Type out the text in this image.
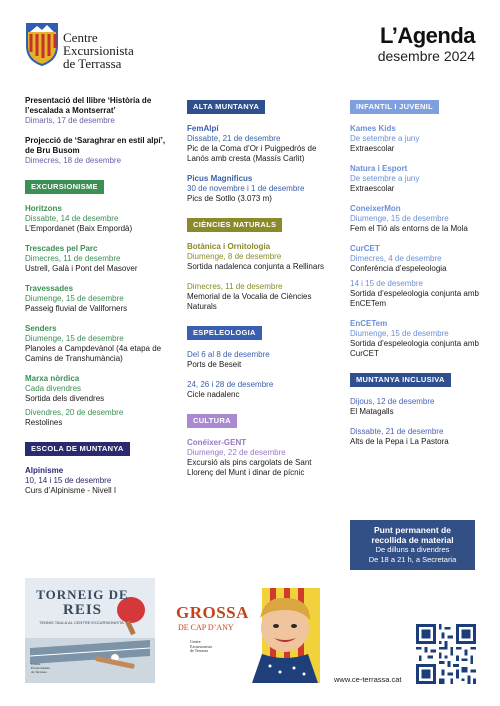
Centre
Excursionista
de Terrassa
L’Agenda
desembre 2024
Presentació del llibre ‘Història de l’escalada a Montserrat’
Dimarts, 17 de desembre
Projecció de ‘Saraghrar en estil alpí’, de Bru Busom
Dimecres, 18 de desembre
EXCURSIONISME
Horitzons
Dissabte, 14 de desembre
L’Empordanet (Baix Empordà)
Trescades pel Parc
Dimecres, 11 de desembre
Ustrell, Galà i Pont del Masover
Travessades
Diumenge, 15 de desembre
Passeig fluvial de Vallforners
Senders
Diumenge, 15 de desembre
Planoles a Campdevànol (4a etapa de Camins de Transhumància)
Marxa nòrdica
Cada divendres
Sortida dels divendres
Divendres, 20 de desembre
Restolines
ESCOLA DE MUNTANYA
Alpinisme
10, 14 i 15 de desembre
Curs d’Alpinisme - Nivell I
ALTA MUNTANYA
FemAlpí
Dissabte, 21 de desembre
Pic de la Coma d’Or i Puigpedrós de Lanós amb cresta (Massís Carlit)
Picus Magnificus
30 de novembre i 1 de desembre
Pics de Sotllo (3.073 m)
CIÈNCIES NATURALS
Botànica i Ornitologia
Diumenge, 8 de desembre
Sortida nadalenca conjunta a Rellinars
Dimecres, 11 de desembre
Memorial de la Vocalia de Ciències Naturals
ESPELEOLOGIA
Del 6 al 8 de desembre
Ports de Beseit
24, 26 i 28 de desembre
Cicle nadalenc
CULTURA
Conéixer-GENT
Diumenge, 22 de desembre
Excursió als pins cargolats de Sant Llorenç del Munt i dinar de pícnic
INFANTIL I JUVENIL
Kames Kids
De setembre a juny
Extraescolar
Natura i Esport
De setembre a juny
Extraescolar
ConeixerMon
Diumenge, 15 de desembre
Fem el Tió als entorns de la Mola
CurCET
Dimecres, 4 de desembre
Conferència d’espeleologia
14 i 15 de desembre
Sortida d’espeleologia conjunta amb EnCETem
EnCETem
Diumenge, 15 de desembre
Sortida d’espeleologia conjunta amb CurCET
MUNTANYA INCLUSIVA
Dijous, 12 de desembre
El Matagalls
Dissabte, 21 de desembre
Alts de la Pepa i La Pastora
Punt permanent de
recollida de material
De dilluns a divendres
De 18 a 21 h, a Secretaria
TORNEIG DE
REIS
TENNIS TAULA AL CENTRE EXCURSIONISTA
Centre
Excursionista
de Terrassa
GROSSA
DE CAP D’ANY
Centre
Excursionista
de Terrassa
www.ce-terrassa.cat
